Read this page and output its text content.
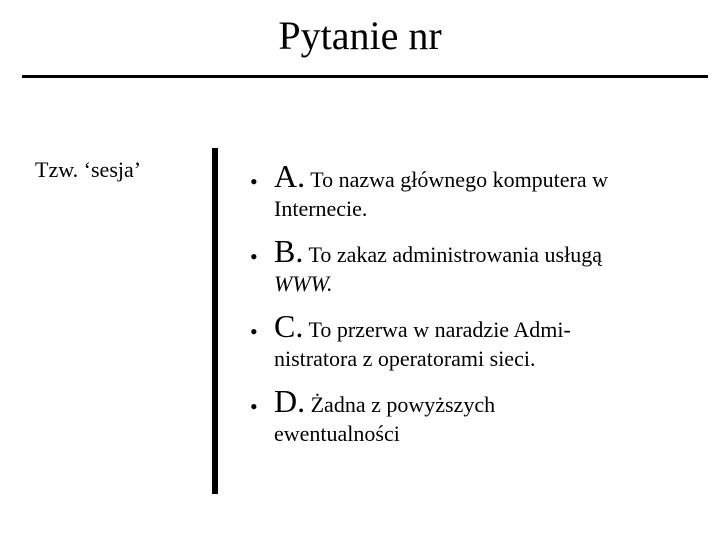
Pytanie nr
Tzw. ‘sesja’	• A. To nazwa głównego komputera w
Internecie.
• B. To zakaz administrowania usługą
WWW.
• C. To przerwa w naradzie Admi-
nistratora z operatorami sieci.
• D. Żadna z powyższych
ewentualności
